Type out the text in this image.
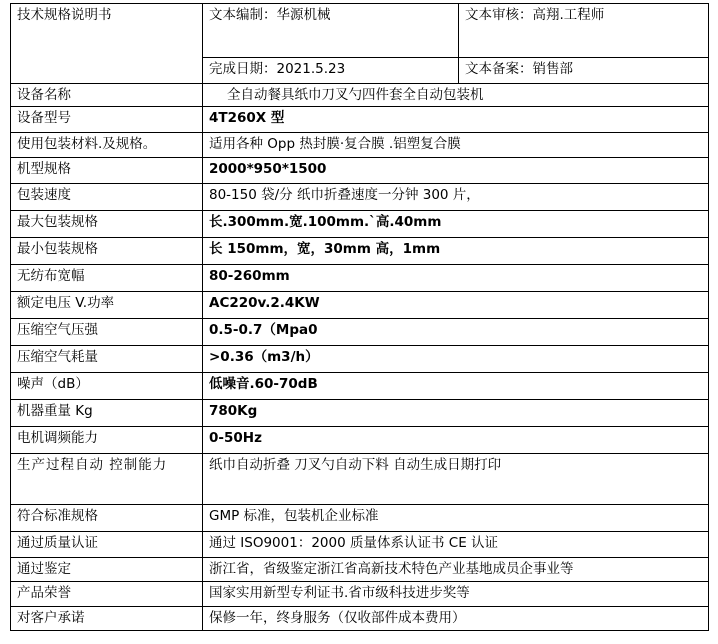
技术规格说明书	文本编制：华源机械	文本审核：高翔.工程师
	完成日期：2021.5.23	文本备案：销售部
设备名称	全自动餐具纸巾刀叉勺四件套全自动包装机	
设备型号	4T260X 型	
使用包装材料.及规格。	适用各种 Opp 热封膜·复合膜 .铝塑复合膜	
机型规格	2000*950*1500	
包装速度	80-150 袋/分 纸巾折叠速度一分钟 300 片，	
最大包装规格	长.300mm.宽.100mm.`高.40mm	
最小包装规格	长 150mm，宽，30mm 高，1mm	
无纺布宽幅	80-260mm	
额定电压 V.功率	AC220v.2.4KW	
压缩空气压强	0.5-0.7（Mpa0	
压缩空气耗量	>0.36（m3/h）	
噪声（dB）	低噪音.60-70dB	
机器重量 Kg	780Kg	
电机调频能力	0-50Hz	
生产过程自动 控制能力	纸巾自动折叠 刀叉勺自动下料 自动生成日期打印	
符合标准规格	GMP 标准，包装机企业标准	
通过质量认证	通过 ISO9001：2000 质量体系认证书 CE 认证	
通过鉴定	浙江省，省级鉴定浙江省高新技术特色产业基地成员企事业等	
产品荣誉	国家实用新型专利证书.省市级科技进步奖等	
对客户承诺	保修一年，终身服务（仅收部件成本费用）	
